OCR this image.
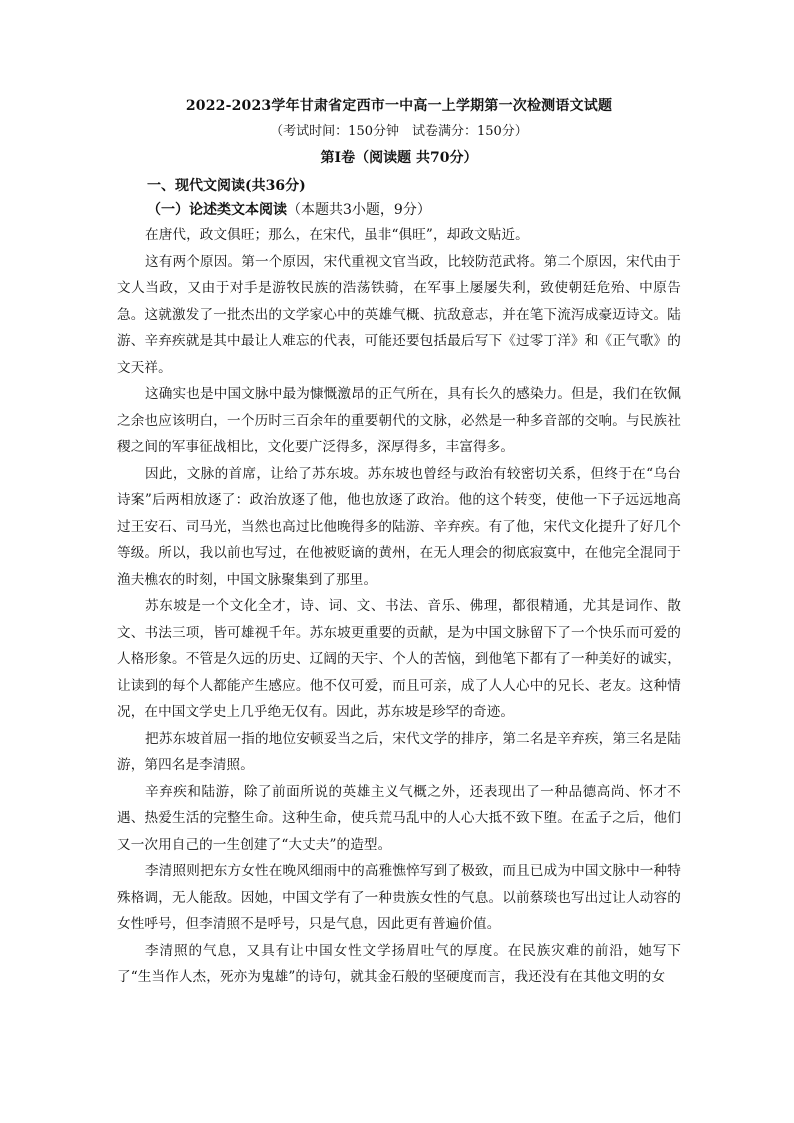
2022-2023学年甘肃省定西市一中高一上学期第一次检测语文试题
（考试时间：150分钟　试卷满分：150分）
第Ⅰ卷（阅读题 共70分）
一、现代文阅读(共36分)
（一）论述类文本阅读（本题共3小题，9分）

在唐代，政文俱旺；那么，在宋代，虽非“俱旺”，却政文贴近。

这有两个原因。第一个原因，宋代重视文官当政，比较防范武将。第二个原因，宋代由于文人当政，又由于对手是游牧民族的浩荡铁骑，在军事上屡屡失利，致使朝廷危殆、中原告急。这就激发了一批杰出的文学家心中的英雄气概、抗敌意志，并在笔下流泻成豪迈诗文。陆游、辛弃疾就是其中最让人难忘的代表，可能还要包括最后写下《过零丁洋》和《正气歌》的文天祥。

这确实也是中国文脉中最为慷慨激昂的正气所在，具有长久的感染力。但是，我们在钦佩之余也应该明白，一个历时三百余年的重要朝代的文脉，必然是一种多音部的交响。与民族社稷之间的军事征战相比，文化要广泛得多，深厚得多，丰富得多。

因此，文脉的首席，让给了苏东坡。苏东坡也曾经与政治有较密切关系，但终于在“乌台诗案”后两相放逐了：政治放逐了他，他也放逐了政治。他的这个转变，使他一下子远远地高过王安石、司马光，当然也高过比他晚得多的陆游、辛弃疾。有了他，宋代文化提升了好几个等级。所以，我以前也写过，在他被贬谪的黄州，在无人理会的彻底寂寞中，在他完全混同于渔夫樵农的时刻，中国文脉聚集到了那里。

苏东坡是一个文化全才，诗、词、文、书法、音乐、佛理，都很精通，尤其是词作、散文、书法三项，皆可雄视千年。苏东坡更重要的贡献，是为中国文脉留下了一个快乐而可爱的人格形象。不管是久远的历史、辽阔的天宇、个人的苦恼，到他笔下都有了一种美好的诚实，让读到的每个人都能产生感应。他不仅可爱，而且可亲，成了人人心中的兄长、老友。这种情况，在中国文学史上几乎绝无仅有。因此，苏东坡是珍罕的奇迹。

把苏东坡首屈一指的地位安顿妥当之后，宋代文学的排序，第二名是辛弃疾，第三名是陆游，第四名是李清照。

辛弃疾和陆游，除了前面所说的英雄主义气概之外，还表现出了一种品德高尚、怀才不遇、热爱生活的完整生命。这种生命，使兵荒马乱中的人心大抵不致下堕。在孟子之后，他们又一次用自己的一生创建了“大丈夫”的造型。

李清照则把东方女性在晚风细雨中的高雅憔悴写到了极致，而且已成为中国文脉中一种特殊格调，无人能敌。因她，中国文学有了一种贵族女性的气息。以前蔡琰也写出过让人动容的女性呼号，但李清照不是呼号，只是气息，因此更有普遍价值。

李清照的气息，又具有让中国女性文学扬眉吐气的厚度。在民族灾难的前沿，她写下了“生当作人杰，死亦为鬼雄”的诗句，就其金石般的坚硬度而言，我还没有在其他文明的女
